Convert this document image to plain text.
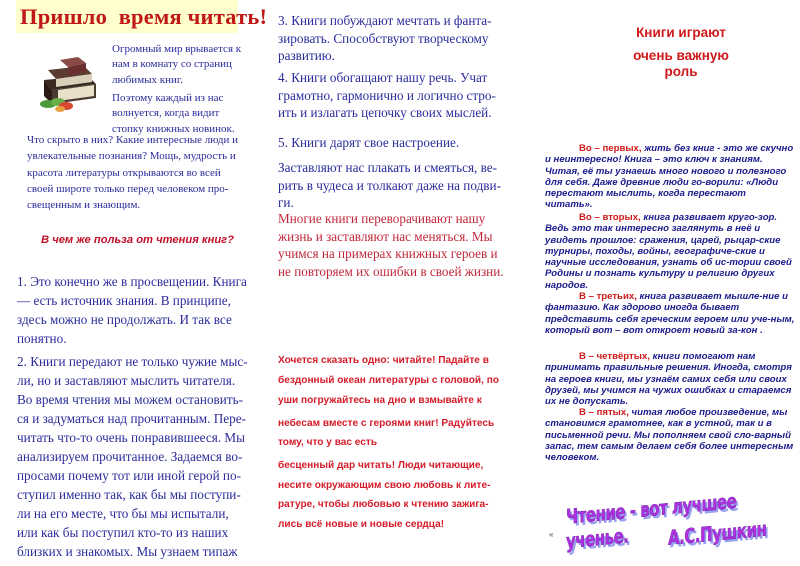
Пришло  время читать!

Огромный мир врывается к
нам в комнату со страниц
любимых книг.

Поэтому каждый из нас
волнуется, когда видит
стопку книжных новинок.

Что скрыто в них? Какие интересные люди и
увлекательные познания? Мощь, мудрость и
красота литературы открываются во всей
своей широте только перед человеком про-
свещенным и знающим.

В чем же польза от чтения книг?

1. Это конечно же в просвещении. Книга
— есть источник знания. В принципе,
здесь можно не продолжать. И так все
понятно.

2. Книги передают не только чужие мыс-
ли, но и заставляют мыслить читателя.
Во время чтения мы можем остановить-
ся и задуматься над прочитанным. Пере-
читать что-то очень понравившееся. Мы
анализируем прочитанное. Задаемся во-
просами почему тот или иной герой по-
ступил именно так, как бы мы поступи-
ли на его месте, что бы мы испытали,
или как бы поступил кто-то из наших
близких и знакомых. Мы узнаем типаж

3. Книги побуждают мечтать и фанта-
зировать. Способствуют творческому
развитию.

4. Книги обогащают нашу речь. Учат
грамотно, гармонично и логично стро-
ить и излагать цепочку своих мыслей.

5. Книги дарят свое настроение.

Заставляют нас плакать и смеяться, ве-
рить в чудеса и толкают даже на подви-
ги.

Многие книги переворачивают нашу
жизнь и заставляют нас меняться. Мы
учимся на примерах книжных героев и
не повторяем их ошибки в своей жизни.

Хочется сказать одно: читайте! Падайте в
бездонный океан литературы с головой, по
уши погружайтесь на дно и взмывайте к

небесам вместе с героями книг! Радуйтесь
тому, что у вас есть

бесценный дар читать! Люди читающие,
несите окружающим свою любовь к лите-
ратуре, чтобы любовью к чтению зажига-
лись всё новые и новые сердца!

Книги играют
очень важную
роль

Во – первых, жить без книг - это же скучно и неинтересно! Книга – это ключ к знаниям. Читая, её ты узнаешь много нового и полезного для себя. Даже древние люди го-ворили: «Люди перестают мыслить, когда перестают читать».

Во – вторых, книга развивает круго-зор. Ведь это так интересно заглянуть в неё и увидеть прошлое: сражения, царей, рыцар-ские турниры, походы, войны, географиче-ские и научные исследования, узнать об ис-тории своей Родины и познать культуру и религию других народов.

В – третьих, книга развивает мышле-ние и фантазию. Как здорово иногда бывает представить себя греческим героем или уче-ным, который вот – вот откроет новый за-кон .

В – четвёртых, книги помогают нам принимать правильные решения. Иногда, смотря на героев книги, мы узнаём самих себя или своих друзей, мы учимся на чужих ошибках и стараемся их не допускать.

В – пятых, читая любое произведение, мы становимся грамотнее, как в устной, так и в письменной речи. Мы пополняем свой сло-варный запас, тем самым делаем себя более интересным человеком.

Чтение - вот лучшее ученье.	А.С.Пушкин
«
